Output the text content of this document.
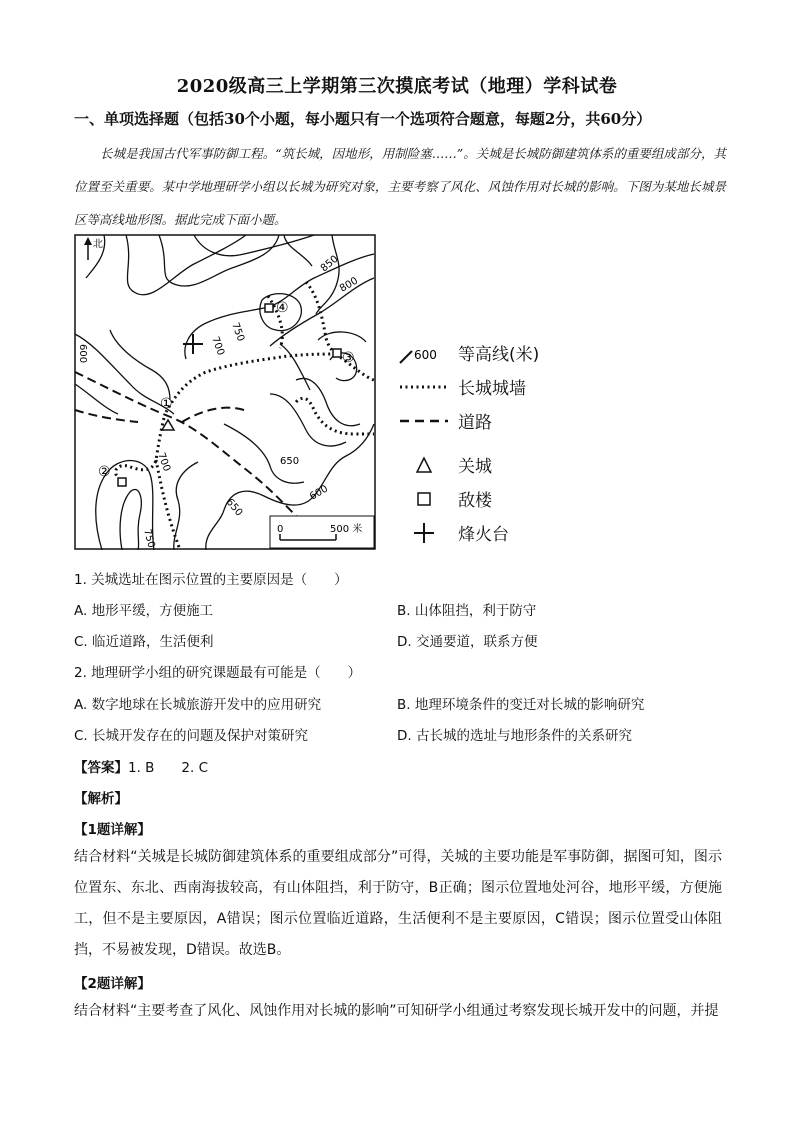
2020级高三上学期第三次摸底考试（地理）学科试卷
一、单项选择题（包括30个小题，每小题只有一个选项符合题意，每题2分，共60分）
长城是我国古代军事防御工程。“筑长城，因地形，用制险塞……”。关城是长城防御建筑体系的重要组成部分，其位置至关重要。某中学地理研学小组以长城为研究对象，主要考察了风化、风蚀作用对长城的影响。下图为某地长城景区等高线地形图。据此完成下面小题。
北
850
800
750
700
600
700	650
600
650
750
①
②
③
④
0	500 米
600 等高线(米)
长城城墙
道路
关城
敌楼
烽火台
1. 关城选址在图示位置的主要原因是（　　）
A. 地形平缓，方便施工	B. 山体阻挡，利于防守
C. 临近道路，生活便利	D. 交通要道，联系方便
2. 地理研学小组的研究课题最有可能是（　　）
A. 数字地球在长城旅游开发中的应用研究	B. 地理环境条件的变迁对长城的影响研究
C. 长城开发存在的问题及保护对策研究	D. 古长城的选址与地形条件的关系研究
【答案】1. B　　2. C
【解析】
【1题详解】
结合材料“关城是长城防御建筑体系的重要组成部分”可得，关城的主要功能是军事防御，据图可知，图示位置东、东北、西南海拔较高，有山体阻挡，利于防守，B正确；图示位置地处河谷，地形平缓，方便施工，但不是主要原因，A错误；图示位置临近道路，生活便利不是主要原因，C错误；图示位置受山体阻挡，不易被发现，D错误。故选B。
【2题详解】
结合材料“主要考查了风化、风蚀作用对长城的影响”可知研学小组通过考察发现长城开发中的问题，并提
